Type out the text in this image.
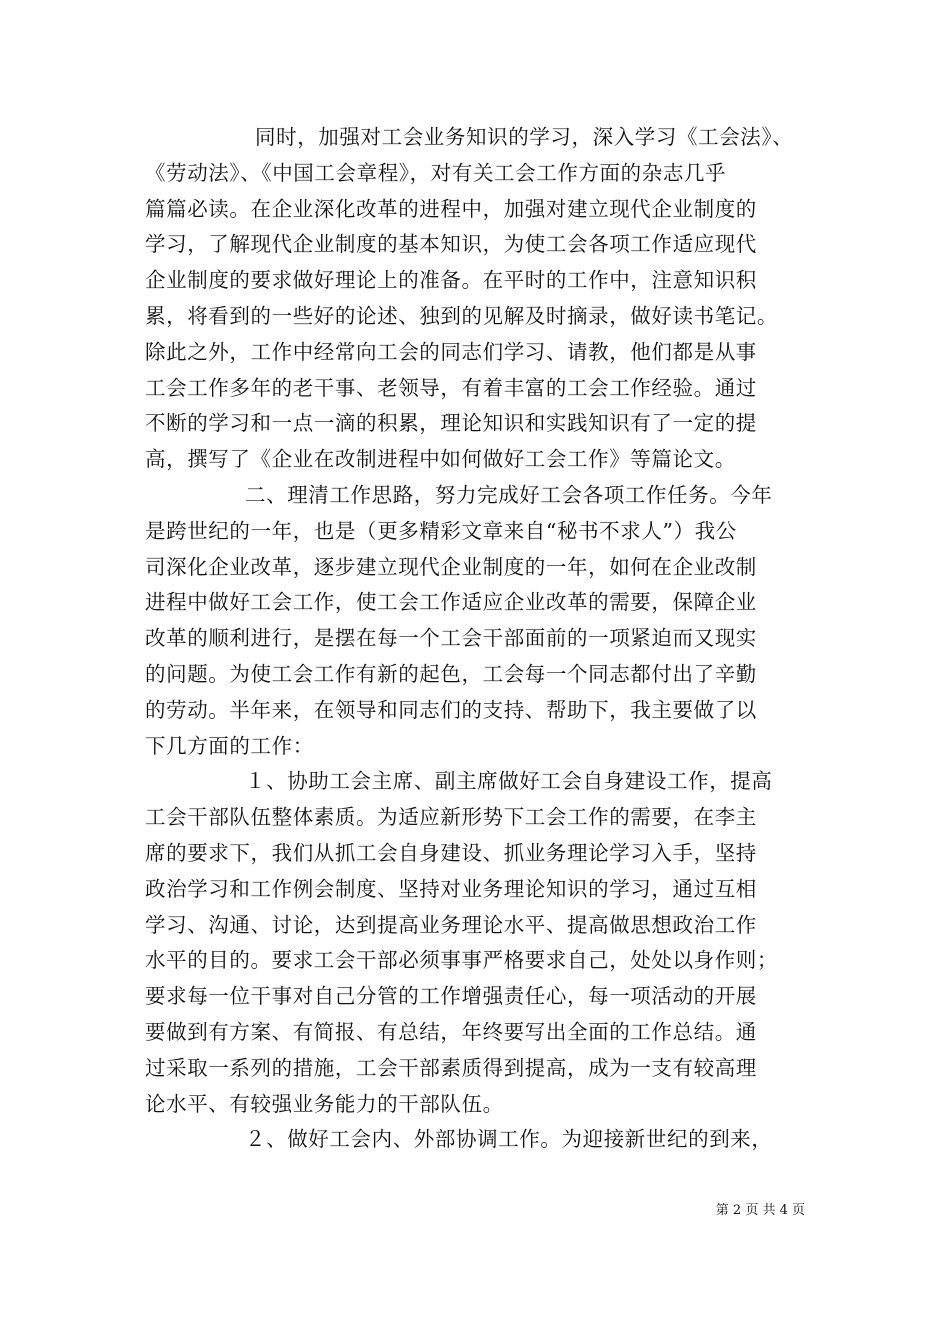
同时，加强对工会业务知识的学习，深入学习《工会法》、
《劳动法》、《中国工会章程》，对有关工会工作方面的杂志几乎
篇篇必读。在企业深化改革的进程中，加强对建立现代企业制度的
学习，了解现代企业制度的基本知识，为使工会各项工作适应现代
企业制度的要求做好理论上的准备。在平时的工作中，注意知识积
累，将看到的一些好的论述、独到的见解及时摘录，做好读书笔记。
除此之外，工作中经常向工会的同志们学习、请教，他们都是从事
工会工作多年的老干事、老领导，有着丰富的工会工作经验。通过
不断的学习和一点一滴的积累，理论知识和实践知识有了一定的提
高，撰写了《企业在改制进程中如何做好工会工作》等篇论文。
二、理清工作思路，努力完成好工会各项工作任务。今年
是跨世纪的一年，也是（更多精彩文章来自“秘书不求人”）我公
司深化企业改革，逐步建立现代企业制度的一年，如何在企业改制
进程中做好工会工作，使工会工作适应企业改革的需要，保障企业
改革的顺利进行，是摆在每一个工会干部面前的一项紧迫而又现实
的问题。为使工会工作有新的起色，工会每一个同志都付出了辛勤
的劳动。半年来，在领导和同志们的支持、帮助下，我主要做了以
下几方面的工作：
１、协助工会主席、副主席做好工会自身建设工作，提高
工会干部队伍整体素质。为适应新形势下工会工作的需要，在李主
席的要求下，我们从抓工会自身建设、抓业务理论学习入手，坚持
政治学习和工作例会制度、坚持对业务理论知识的学习，通过互相
学习、沟通、讨论，达到提高业务理论水平、提高做思想政治工作
水平的目的。要求工会干部必须事事严格要求自己，处处以身作则；
要求每一位干事对自己分管的工作增强责任心，每一项活动的开展
要做到有方案、有简报、有总结，年终要写出全面的工作总结。通
过采取一系列的措施，工会干部素质得到提高，成为一支有较高理
论水平、有较强业务能力的干部队伍。
２、做好工会内、外部协调工作。为迎接新世纪的到来，
第 2 页 共 4 页
